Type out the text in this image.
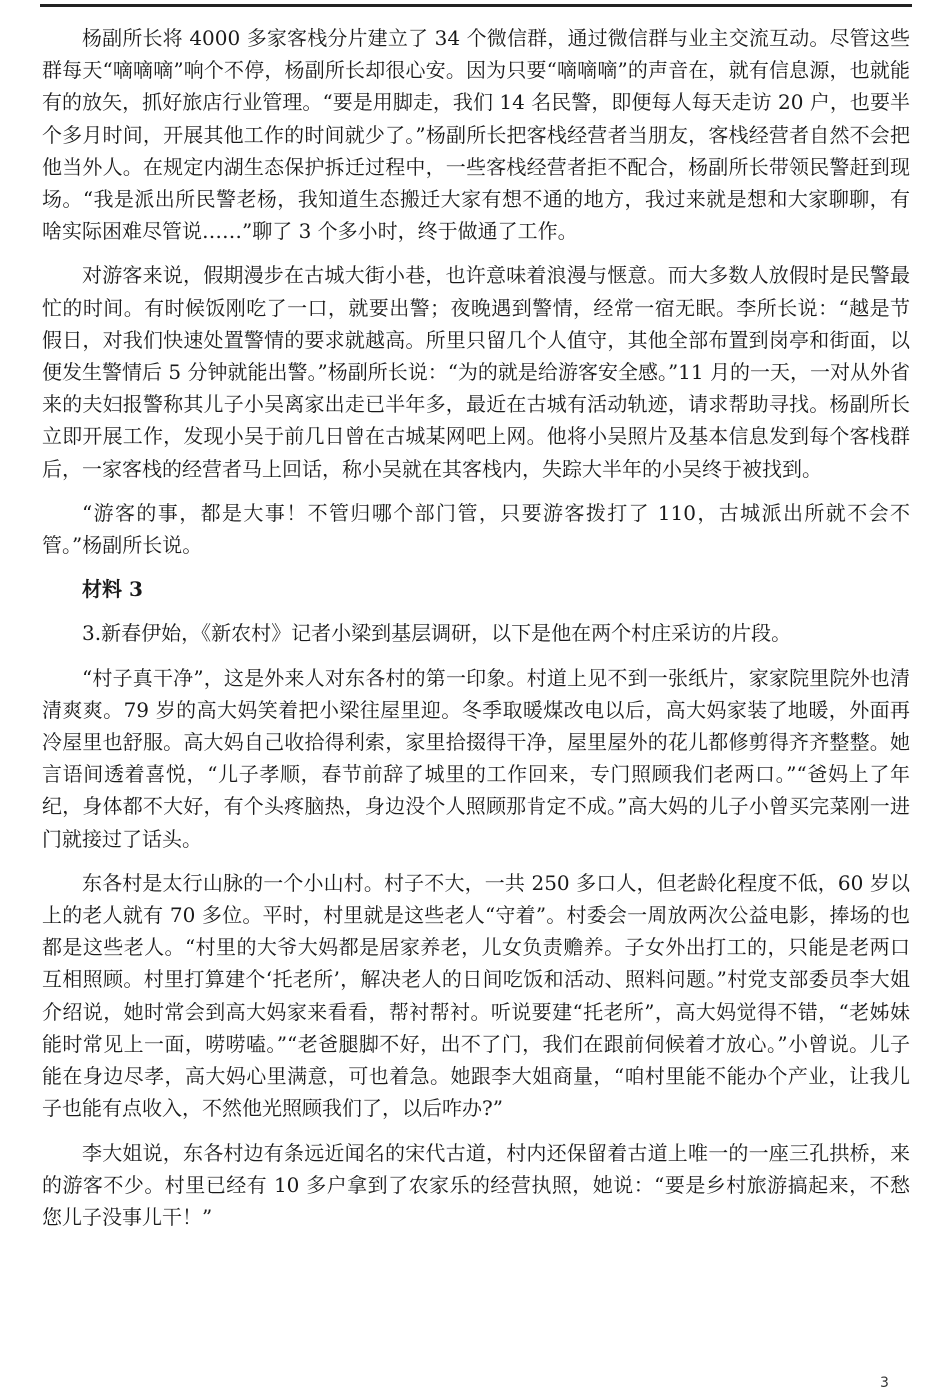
杨副所长将 4000 多家客栈分片建立了 34 个微信群，通过微信群与业主交流互动。尽管这些群每天“嘀嘀嘀”响个不停，杨副所长却很心安。因为只要“嘀嘀嘀”的声音在，就有信息源，也就能有的放矢，抓好旅店行业管理。“要是用脚走，我们 14 名民警，即便每人每天走访 20 户，也要半个多月时间，开展其他工作的时间就少了。”杨副所长把客栈经营者当朋友，客栈经营者自然不会把他当外人。在规定内湖生态保护拆迁过程中，一些客栈经营者拒不配合，杨副所长带领民警赶到现场。“我是派出所民警老杨，我知道生态搬迁大家有想不通的地方，我过来就是想和大家聊聊，有啥实际困难尽管说……”聊了 3 个多小时，终于做通了工作。

对游客来说，假期漫步在古城大街小巷，也许意味着浪漫与惬意。而大多数人放假时是民警最忙的时间。有时候饭刚吃了一口，就要出警；夜晚遇到警情，经常一宿无眠。李所长说：“越是节假日，对我们快速处置警情的要求就越高。所里只留几个人值守，其他全部布置到岗亭和街面，以便发生警情后 5 分钟就能出警。”杨副所长说：“为的就是给游客安全感。”11 月的一天，一对从外省来的夫妇报警称其儿子小吴离家出走已半年多，最近在古城有活动轨迹，请求帮助寻找。杨副所长立即开展工作，发现小吴于前几日曾在古城某网吧上网。他将小吴照片及基本信息发到每个客栈群后，一家客栈的经营者马上回话，称小吴就在其客栈内，失踪大半年的小吴终于被找到。

“游客的事，都是大事！不管归哪个部门管，只要游客拨打了 110，古城派出所就不会不管。”杨副所长说。

材料 3

3.新春伊始，《新农村》记者小梁到基层调研，以下是他在两个村庄采访的片段。

“村子真干净”，这是外来人对东各村的第一印象。村道上见不到一张纸片，家家院里院外也清清爽爽。79 岁的高大妈笑着把小梁往屋里迎。冬季取暖煤改电以后，高大妈家装了地暖，外面再冷屋里也舒服。高大妈自己收拾得利索，家里拾掇得干净，屋里屋外的花儿都修剪得齐齐整整。她言语间透着喜悦，“儿子孝顺，春节前辞了城里的工作回来，专门照顾我们老两口。”“爸妈上了年纪，身体都不大好，有个头疼脑热，身边没个人照顾那肯定不成。”高大妈的儿子小曾买完菜刚一进门就接过了话头。

东各村是太行山脉的一个小山村。村子不大，一共 250 多口人，但老龄化程度不低，60 岁以上的老人就有 70 多位。平时，村里就是这些老人“守着”。村委会一周放两次公益电影，捧场的也都是这些老人。“村里的大爷大妈都是居家养老，儿女负责赡养。子女外出打工的，只能是老两口互相照顾。村里打算建个‘托老所’，解决老人的日间吃饭和活动、照料问题。”村党支部委员李大姐介绍说，她时常会到高大妈家来看看，帮衬帮衬。听说要建“托老所”，高大妈觉得不错，“老姊妹能时常见上一面，唠唠嗑。”“老爸腿脚不好，出不了门，我们在跟前伺候着才放心。”小曾说。儿子能在身边尽孝，高大妈心里满意，可也着急。她跟李大姐商量，“咱村里能不能办个产业，让我儿子也能有点收入，不然他光照顾我们了，以后咋办?”

李大姐说，东各村边有条远近闻名的宋代古道，村内还保留着古道上唯一的一座三孔拱桥，来的游客不少。村里已经有 10 多户拿到了农家乐的经营执照，她说：“要是乡村旅游搞起来，不愁您儿子没事儿干！”

3
